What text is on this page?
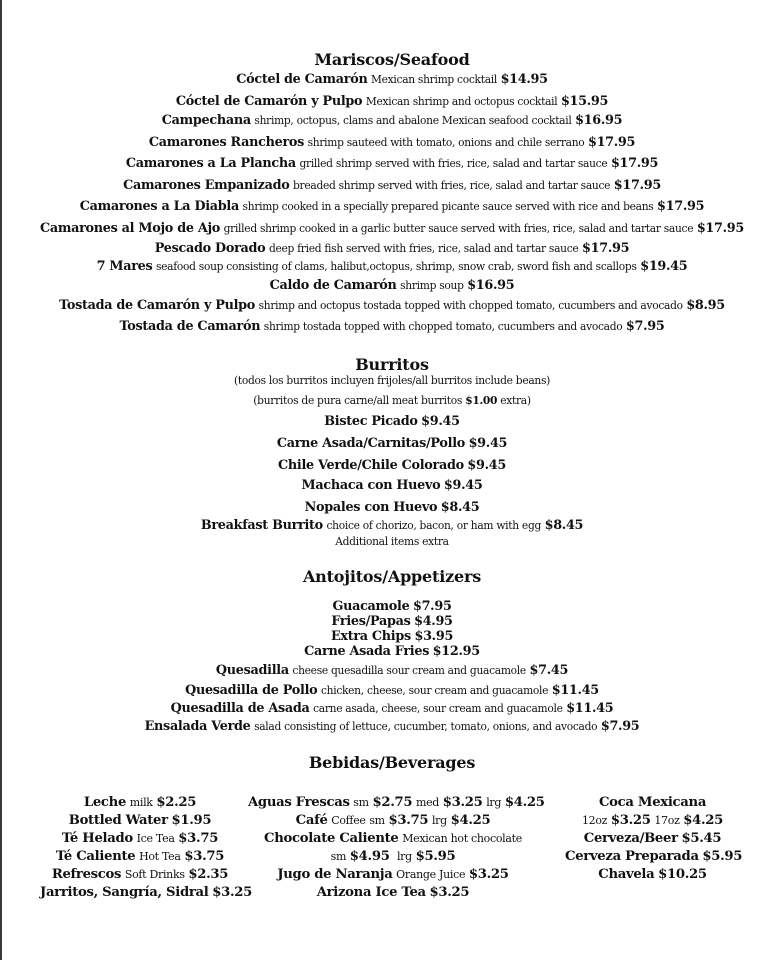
Mariscos/Seafood
Cóctel de Camarón Mexican shrimp cocktail $14.95
Cóctel de Camarón y Pulpo Mexican shrimp and octopus cocktail $15.95
Campechana shrimp, octopus, clams and abalone Mexican seafood cocktail $16.95
Camarones Rancheros shrimp sauteed with tomato, onions and chile serrano $17.95
Camarones a La Plancha grilled shrimp served with fries, rice, salad and tartar sauce $17.95
Camarones Empanizado breaded shrimp served with fries, rice, salad and tartar sauce $17.95
Camarones a La Diabla shrimp cooked in a specially prepared picante sauce served with rice and beans $17.95
Camarones al Mojo de Ajo grilled shrimp cooked in a garlic butter sauce served with fries, rice, salad and tartar sauce $17.95
Pescado Dorado deep fried fish served with fries, rice, salad and tartar sauce $17.95
7 Mares seafood soup consisting of clams, halibut,octopus, shrimp, snow crab, sword fish and scallops $19.45
Caldo de Camarón shrimp soup $16.95
Tostada de Camarón y Pulpo shrimp and octopus tostada topped with chopped tomato, cucumbers and avocado $8.95
Tostada de Camarón shrimp tostada topped with chopped tomato, cucumbers and avocado $7.95
Burritos
(todos los burritos incluyen frijoles/all burritos include beans)
(burritos de pura carne/all meat burritos $1.00 extra)
Bistec Picado $9.45
Carne Asada/Carnitas/Pollo $9.45
Chile Verde/Chile Colorado $9.45
Machaca con Huevo $9.45
Nopales con Huevo $8.45
Breakfast Burrito choice of chorizo, bacon, or ham with egg $8.45
Additional items extra
Antojitos/Appetizers
Guacamole $7.95
Fries/Papas $4.95
Extra Chips $3.95
Carne Asada Fries $12.95
Quesadilla cheese quesadilla sour cream and guacamole $7.45
Quesadilla de Pollo chicken, cheese, sour cream and guacamole $11.45
Quesadilla de Asada carne asada, cheese, sour cream and guacamole $11.45
Ensalada Verde salad consisting of lettuce, cucumber, tomato, onions, and avocado $7.95
Bebidas/Beverages
Leche milk $2.25
Bottled Water $1.95
Té Helado Ice Tea $3.75
Té Caliente Hot Tea $3.75
Refrescos Soft Drinks $2.35
Jarritos, Sangría, Sidral $3.25
Aguas Frescas sm $2.75 med $3.25 lrg $4.25
Café Coffee sm $3.75 lrg $4.25
Chocolate Caliente Mexican hot chocolate
sm $4.95 lrg $5.95
Jugo de Naranja Orange Juice $3.25
Arizona Ice Tea $3.25
Coca Mexicana
12oz $3.25 17oz $4.25
Cerveza/Beer $5.45
Cerveza Preparada $5.95
Chavela $10.25
